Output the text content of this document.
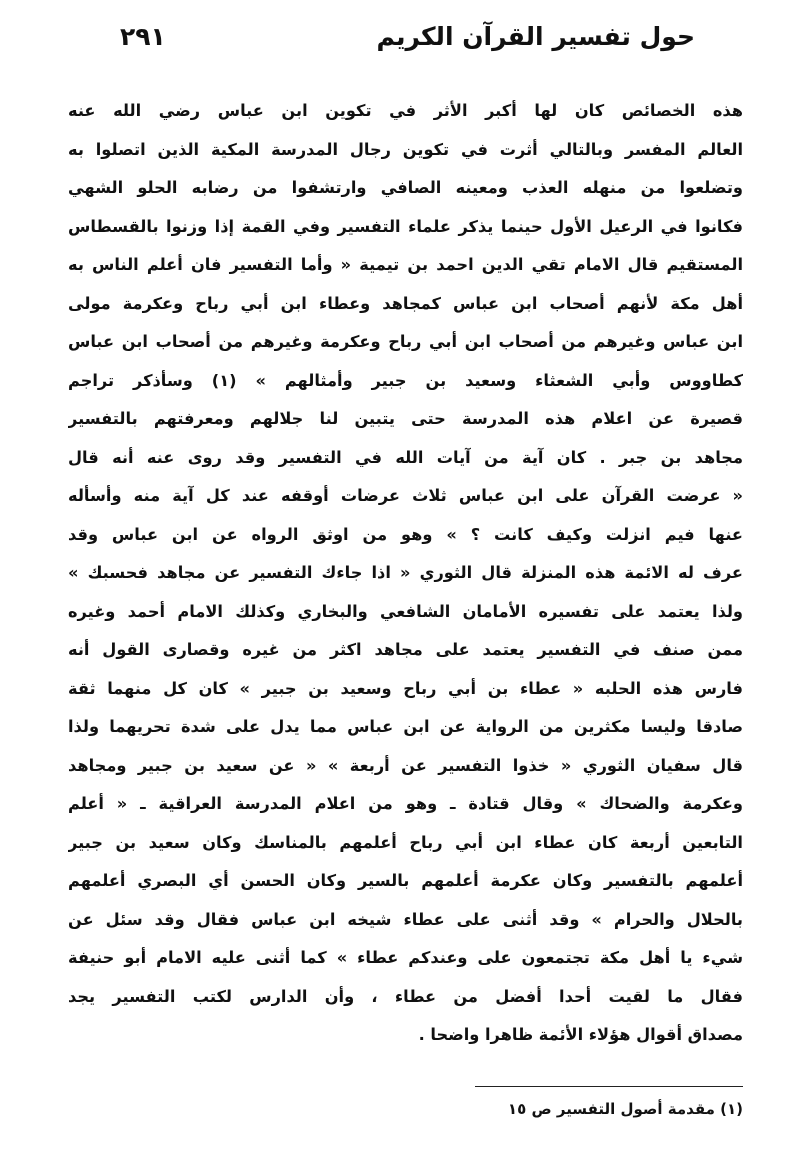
حول تفسير القرآن الكريم
٢٩١
هذه الخصائص كان لها أكبر الأثر في تكوين ابن عباس رضي الله عنه
العالم المفسر وبالتالي أثرت في تكوين رجال المدرسة المكية الذين اتصلوا به
وتضلعوا من منهله العذب ومعينه الصافي وارتشفوا من رضابه الحلو الشهي
فكانوا في الرعيل الأول حينما يذكر علماء التفسير وفي القمة إذا وزنوا بالقسطاس
المستقيم قال الامام تقي الدين احمد بن تيمية « وأما التفسير فان أعلم الناس به
أهل مكة لأنهم أصحاب ابن عباس كمجاهد وعطاء ابن أبي رباح وعكرمة مولى
ابن عباس وغيرهم من أصحاب ابن أبي رباح وعكرمة وغيرهم من أصحاب ابن عباس
كطاووس وأبي الشعثاء وسعيد بن جبير وأمثالهم » (١) وسأذكر تراجم
قصيرة عن اعلام هذه المدرسة حتى يتبين لنا جلالهم ومعرفتهم بالتفسير
مجاهد بن جبر . كان آية من آيات الله في التفسير وقد روى عنه أنه قال
« عرضت القرآن على ابن عباس ثلاث عرضات أوقفه عند كل آية منه وأسأله
عنها فيم انزلت وكيف كانت ؟ » وهو من اوثق الرواه عن ابن عباس وقد
عرف له الائمة هذه المنزلة قال الثوري « اذا جاءك التفسير عن مجاهد فحسبك »
ولذا يعتمد على تفسيره الأمامان الشافعي والبخاري وكذلك الامام أحمد وغيره
ممن صنف في التفسير يعتمد على مجاهد اكثر من غيره وقصارى القول أنه
فارس هذه الحلبه « عطاء بن أبي رباح وسعيد بن جبير » كان كل منهما ثقة
صادقا وليسا مكثرين من الرواية عن ابن عباس مما يدل على شدة تحريهما ولذا
قال سفيان الثوري « خذوا التفسير عن أربعة » « عن سعيد بن جبير ومجاهد
وعكرمة والضحاك » وقال قتادة ـ وهو من اعلام المدرسة العراقية ـ « أعلم
التابعين أربعة كان عطاء ابن أبي رباح أعلمهم بالمناسك وكان سعيد بن جبير
أعلمهم بالتفسير وكان عكرمة أعلمهم بالسير وكان الحسن أي البصري أعلمهم
بالحلال والحرام » وقد أثنى على عطاء شيخه ابن عباس فقال وقد سئل عن
شيء يا أهل مكة تجتمعون على وعندكم عطاء » كما أثنى عليه الامام أبو حنيفة
فقال ما لقيت أحدا أفضل من عطاء ، وأن الدارس لكتب التفسير يجد
مصداق أقوال هؤلاء الأئمة ظاهرا واضحا .
(١) مقدمة أصول التفسير ص ١٥
